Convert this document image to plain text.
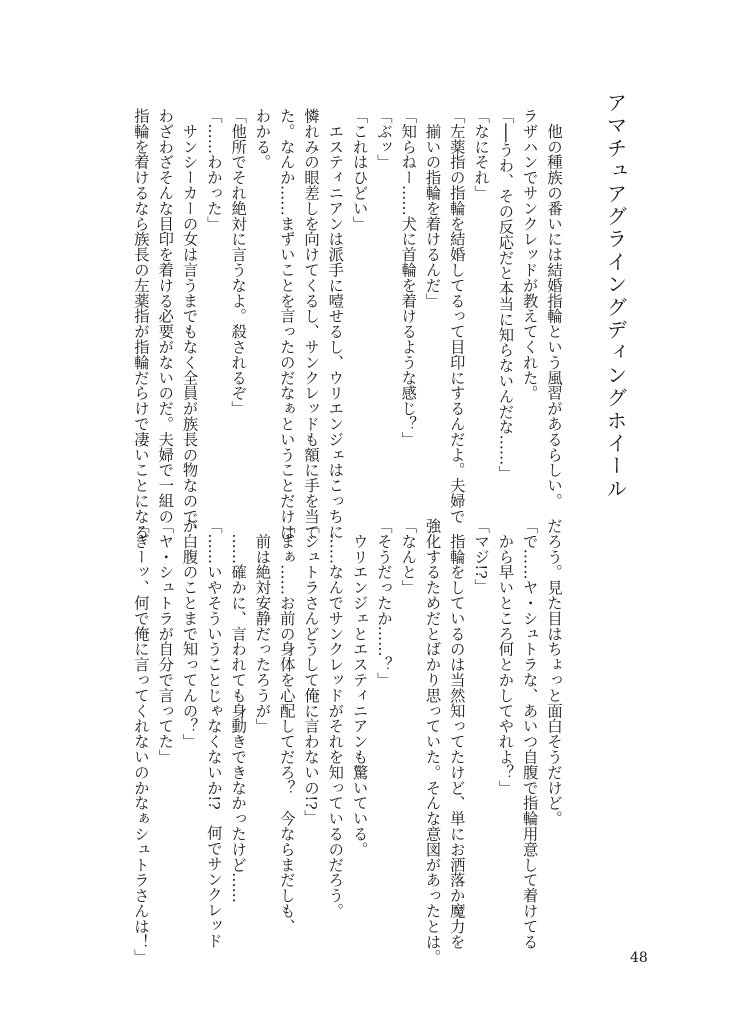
アマチュアグライングディングホイール
　他の種族の番いには結婚指輪という風習があるらしい。
ラザハンでサンクレッドが教えてくれた。
「──うわ、その反応だと本当に知らないんだな……」
「なにそれ」
「左薬指の指輪を結婚してるって目印にするんだよ。夫婦で
　揃いの指輪を着けるんだ」
「知らねー……犬に首輪を着けるような感じ？」
「ぶッ」
「これはひどい」
　エスティニアンは派手に噎せるし、ウリエンジェはこっちに
憐れみの眼差しを向けてくるし、サンクレッドも額に手を当て
た。なんか……まずいことを言ったのだなぁということだけは
わかる。
「他所でそれ絶対に言うなよ。殺されるぞ」
「……わかった」
　サンシーカーの女は言うまでもなく全員が族長の物なので、
わざわざそんな目印を着ける必要がないのだ。夫婦で一組の
指輪を着けるなら族長の左薬指が指輪だらけで凄いことになる
だろう。見た目はちょっと面白そうだけど。
「で……ヤ・シュトラな、あいつ自腹で指輪用意して着けてる
　から早いところ何とかしてやれよ？」
「マジ!?」
　指輪をしているのは当然知ってたけど、単にお洒落か魔力を
強化するためだとばかり思っていた。そんな意図があったとは。
「なんと」
「そうだったか……？」
　ウリエンジェとエスティニアンも驚いている。
　……なんでサンクレッドがそれを知っているのだろう。
「シュトラさんどうして俺に言わないの!?」
「まぁ……お前の身体を心配してだろ？　今ならまだしも、
　前は絶対安静だったろうが」
　……確かに、言われても身動きできなかったけど……
「……いやそういうことじゃなくないか!?　何でサンクレッド
が白腹のことまで知ってんの？」
「ヤ・シュトラが自分で言ってた」
「ぎーッ、何で俺に言ってくれないのかなぁシュトラさんは！」	48
